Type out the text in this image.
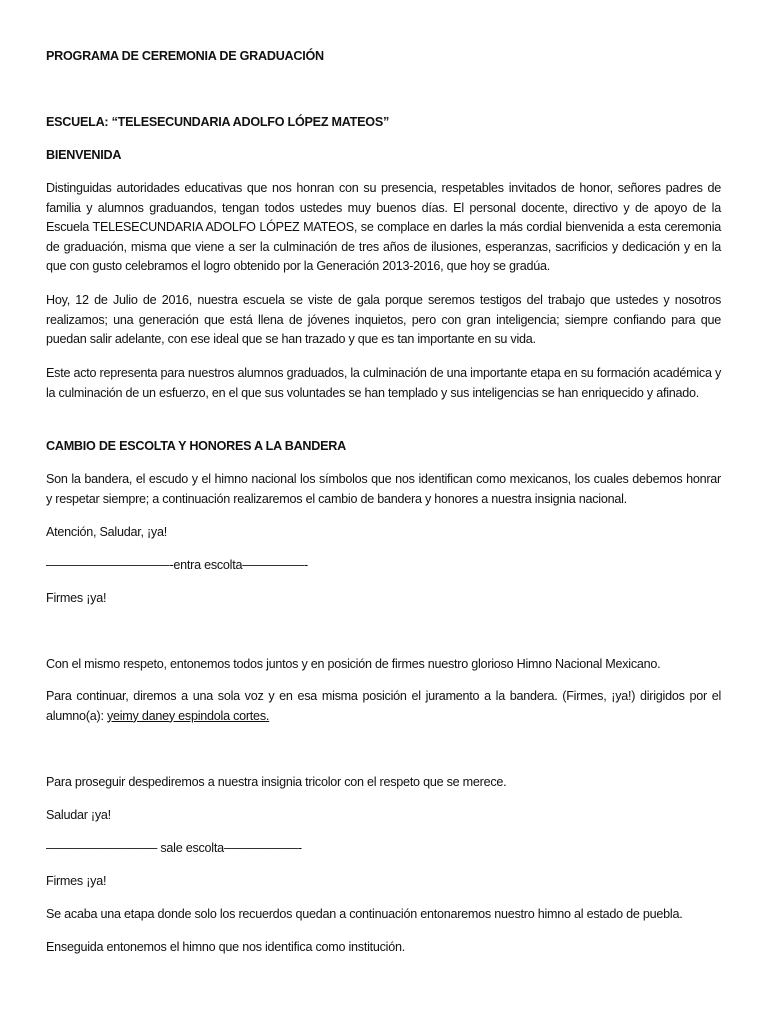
PROGRAMA DE CEREMONIA DE GRADUACIÓN

ESCUELA: “TELESECUNDARIA ADOLFO LÓPEZ MATEOS”

BIENVENIDA

Distinguidas autoridades educativas que nos honran con su presencia, respetables invitados de honor, señores padres de familia y alumnos graduandos, tengan todos ustedes muy buenos días. El personal docente, directivo y de apoyo de la Escuela TELESECUNDARIA ADOLFO LÓPEZ MATEOS, se complace en darles la más cordial bienvenida a esta ceremonia de graduación, misma que viene a ser la culminación de tres años de ilusiones, esperanzas, sacrificios y dedicación y en la que con gusto celebramos el logro obtenido por la Generación 2013-2016, que hoy se gradúa.

Hoy, 12 de Julio de 2016, nuestra escuela se viste de gala porque seremos testigos del trabajo que ustedes y nosotros realizamos; una generación que está llena de jóvenes inquietos, pero con gran inteligencia; siempre confiando para que puedan salir adelante, con ese ideal que se han trazado y que es tan importante en su vida.

Este acto representa para nuestros alumnos graduados, la culminación de una importante etapa en su formación académica y la culminación de un esfuerzo, en el que sus voluntades se han templado y sus inteligencias se han enriquecido y afinado.

CAMBIO DE ESCOLTA Y HONORES A LA BANDERA

Son la bandera, el escudo y el himno nacional los símbolos que nos identifican como mexicanos, los cuales debemos honrar y respetar siempre; a continuación realizaremos el cambio de bandera y honores a nuestra insignia nacional.

Atención, Saludar, ¡ya!

——————————-entra escolta—————-

Firmes ¡ya!

Con el mismo respeto, entonemos todos juntos y en posición de firmes nuestro glorioso Himno Nacional Mexicano.

Para continuar, diremos a una sola voz y en esa misma posición el juramento a la bandera. (Firmes, ¡ya!) dirigidos por el alumno(a): yeimy daney espindola cortes.

Para proseguir despediremos a nuestra insignia tricolor con el respeto que se merece.

Saludar ¡ya!

————————— sale escolta——————-

Firmes ¡ya!

Se acaba una etapa donde solo los recuerdos quedan a continuación entonaremos nuestro himno al estado de puebla.

Enseguida entonemos el himno que nos identifica como institución.
